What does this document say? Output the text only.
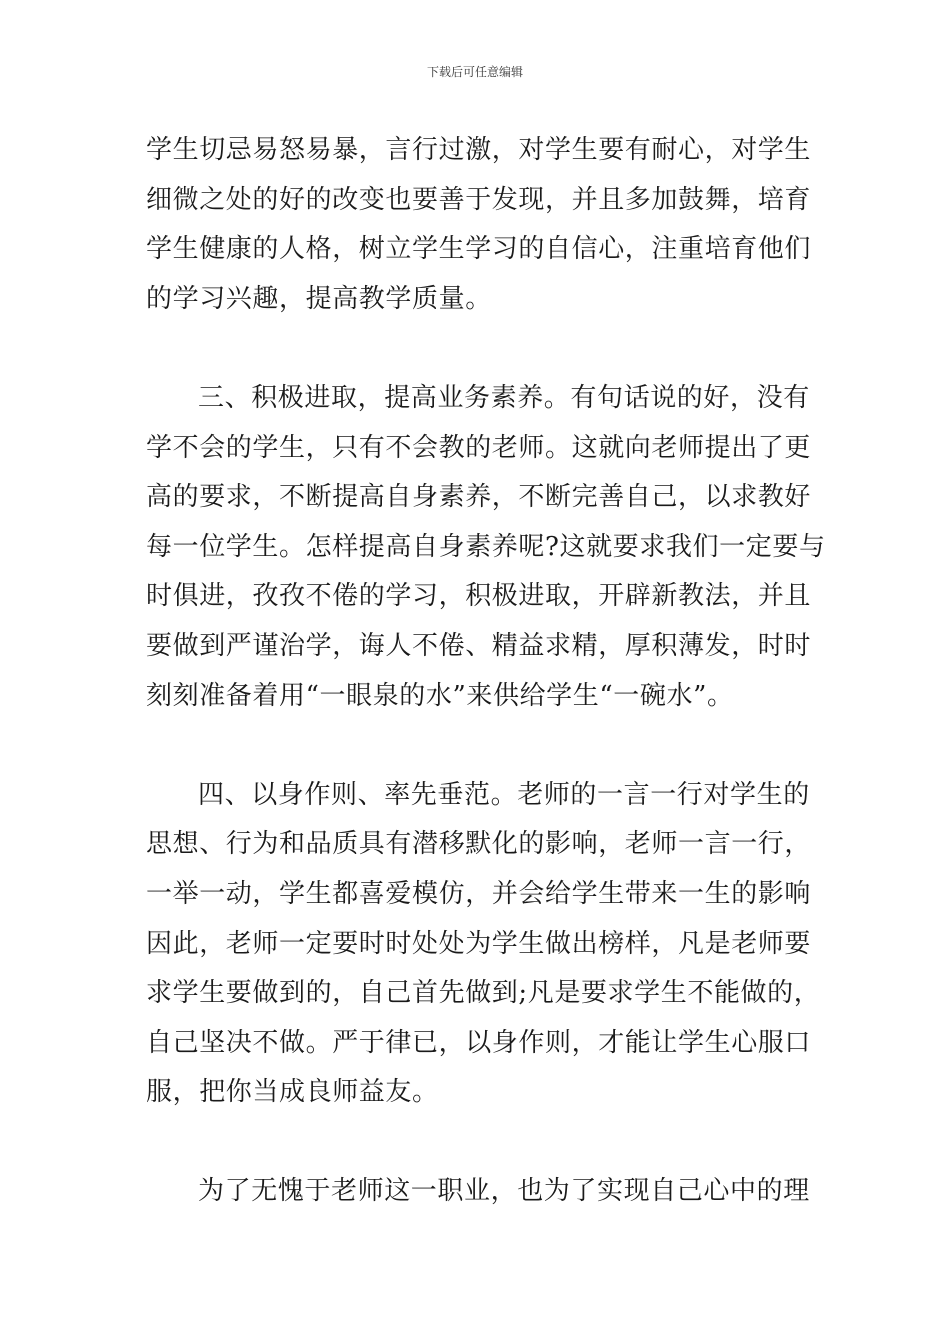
下载后可任意编辑
学生切忌易怒易暴，言行过激，对学生要有耐心，对学生
细微之处的好的改变也要善于发现，并且多加鼓舞，培育
学生健康的人格，树立学生学习的自信心，注重培育他们
的学习兴趣，提高教学质量。
三、积极进取，提高业务素养。有句话说的好，没有
学不会的学生，只有不会教的老师。这就向老师提出了更
高的要求，不断提高自身素养，不断完善自己，以求教好
每一位学生。怎样提高自身素养呢?这就要求我们一定要与
时俱进，孜孜不倦的学习，积极进取，开辟新教法，并且
要做到严谨治学，诲人不倦、精益求精，厚积薄发，时时
刻刻准备着用“一眼泉的水”来供给学生“一碗水”。
四、以身作则、率先垂范。老师的一言一行对学生的
思想、行为和品质具有潜移默化的影响，老师一言一行，
一举一动，学生都喜爱模仿，并会给学生带来一生的影响
因此，老师一定要时时处处为学生做出榜样，凡是老师要
求学生要做到的，自己首先做到;凡是要求学生不能做的，
自己坚决不做。严于律已，以身作则，才能让学生心服口
服，把你当成良师益友。
为了无愧于老师这一职业，也为了实现自己心中的理
